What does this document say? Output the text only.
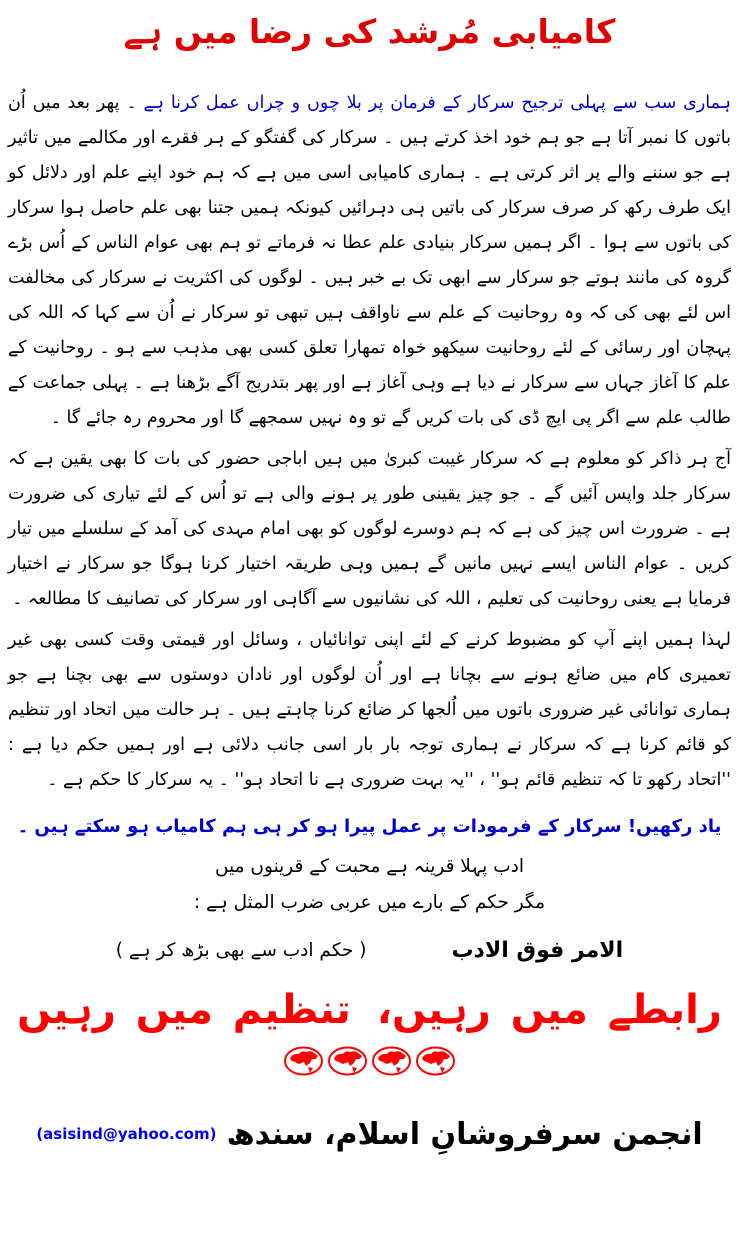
کامیابی مُرشد کی رضا میں ہے

ہماری سب سے پہلی ترجیح سرکار کے فرمان پر بلا چوں و چراں عمل کرنا ہے ۔ پھر بعد میں اُن باتوں کا نمبر آتا ہے جو ہم خود اخذ کرتے ہیں ۔ سرکار کی گفتگو کے ہر فقرے اور مکالمے میں تاثیر ہے جو سننے والے پر اثر کرتی ہے ۔ ہماری کامیابی اسی میں ہے کہ ہم خود اپنے علم اور دلائل کو ایک طرف رکھ کر صرف سرکار کی باتیں ہی دہرائیں کیونکہ ہمیں جتنا بھی علم حاصل ہوا سرکار کی باتوں سے ہوا ۔ اگر ہمیں سرکار بنیادی علم عطا نہ فرماتے تو ہم بھی عوام الناس کے اُس بڑے گروہ کی مانند ہوتے جو سرکار سے ابھی تک بے خبر ہیں ۔ لوگوں کی اکثریت نے سرکار کی مخالفت اس لئے بھی کی کہ وہ روحانیت کے علم سے ناواقف ہیں تبھی تو سرکار نے اُن سے کہا کہ اللہ کی پہچان اور رسائی کے لئے روحانیت سیکھو خواہ تمھارا تعلق کسی بھی مذہب سے ہو ۔ روحانیت کے علم کا آغاز جہاں سے سرکار نے دیا ہے وہی آغاز ہے اور پھر بتدریج آگے بڑھنا ہے ۔ پہلی جماعت کے طالب علم سے اگر پی ایچ ڈی کی بات کریں گے تو وہ نہیں سمجھے گا اور محروم رہ جائے گا ۔

آج ہر ذاکر کو معلوم ہے کہ سرکار غیبت کبریٰ میں ہیں اباجی حضور کی بات کا بھی یقین ہے کہ سرکار جلد واپس آئیں گے ۔ جو چیز یقینی طور پر ہونے والی ہے تو اُس کے لئے تیاری کی ضرورت ہے ۔ ضرورت اس چیز کی ہے کہ ہم دوسرے لوگوں کو بھی امام مہدی کی آمد کے سلسلے میں تیار کریں ۔ عوام الناس ایسے نہیں مانیں گے ہمیں وہی طریقہ اختیار کرنا ہوگا جو سرکار نے اختیار فرمایا ہے یعنی روحانیت کی تعلیم ، اللہ کی نشانیوں سے آگاہی اور سرکار کی تصانیف کا مطالعہ ۔

لہذا ہمیں اپنے آپ کو مضبوط کرنے کے لئے اپنی توانائیاں ، وسائل اور قیمتی وقت کسی بھی غیر تعمیری کام میں ضائع ہونے سے بچانا ہے اور اُن لوگوں اور نادان دوستوں سے بھی بچنا ہے جو ہماری توانائی غیر ضروری باتوں میں اُلجھا کر ضائع کرنا چاہتے ہیں ۔ ہر حالت میں اتحاد اور تنظیم کو قائم کرنا ہے کہ سرکار نے ہماری توجہ بار بار اسی جانب دلائی ہے اور ہمیں حکم دیا ہے : ''اتحاد رکھو تا کہ تنظیم قائم ہو'' ، ''یہ بہت ضروری ہے نا اتحاد ہو'' ۔ یہ سرکار کا حکم ہے ۔

یاد رکھیں! سرکار کے فرمودات پر عمل پیرا ہو کر ہی ہم کامیاب ہو سکتے ہیں ۔
ادب پہلا قرینہ ہے محبت کے قرینوں میں
مگر حکم کے بارے میں عربی ضرب المثل ہے :
الامر فوق الادب
( حکم ادب سے بھی بڑھ کر ہے )
رابطے میں رہیں،تنظیم میں رہیں
انجمن سرفروشانِ اسلام، سندھ
(asisind@yahoo.com)
